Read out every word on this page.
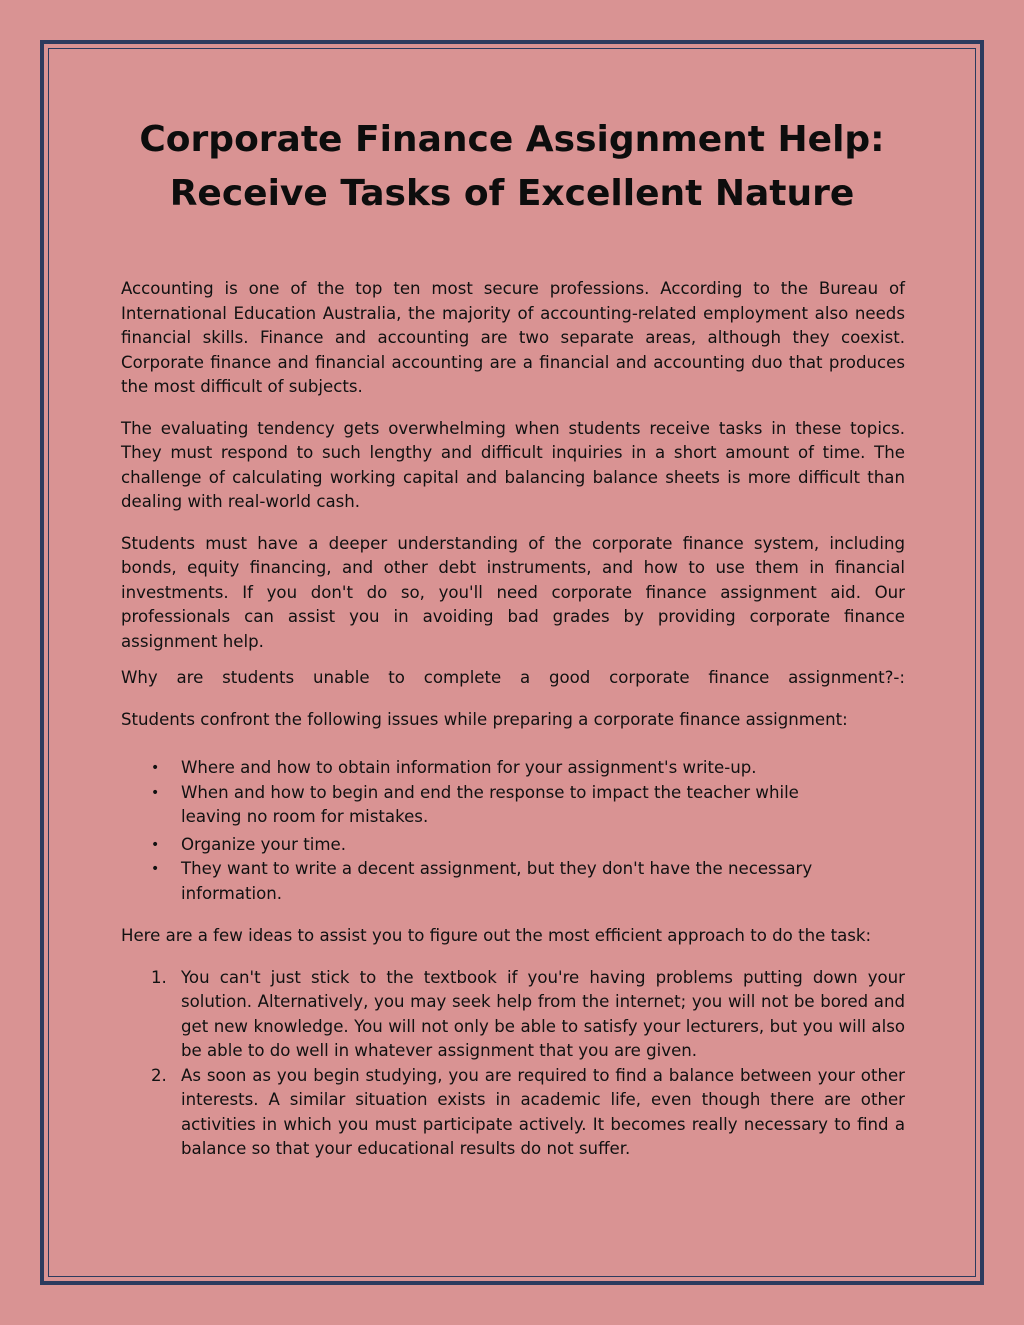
Corporate Finance Assignment Help:
Receive Tasks of Excellent Nature

Accounting is one of the top ten most secure professions. According to the Bureau of International Education Australia, the majority of accounting-related employment also needs financial skills. Finance and accounting are two separate areas, although they coexist. Corporate finance and financial accounting are a financial and accounting duo that produces the most difficult of subjects.

The evaluating tendency gets overwhelming when students receive tasks in these topics. They must respond to such lengthy and difficult inquiries in a short amount of time. The challenge of calculating working capital and balancing balance sheets is more difficult than dealing with real-world cash.

Students must have a deeper understanding of the corporate finance system, including bonds, equity financing, and other debt instruments, and how to use them in financial investments. If you don't do so, you'll need corporate finance assignment aid. Our professionals can assist you in avoiding bad grades by providing corporate finance assignment help.

Why are students unable to complete a good corporate finance assignment?-:

Students confront the following issues while preparing a corporate finance assignment:

• Where and how to obtain information for your assignment's write-up.
• When and how to begin and end the response to impact the teacher while leaving no room for mistakes.
• Organize your time.
• They want to write a decent assignment, but they don't have the necessary information.

Here are a few ideas to assist you to figure out the most efficient approach to do the task:

1. You can't just stick to the textbook if you're having problems putting down your solution. Alternatively, you may seek help from the internet; you will not be bored and get new knowledge. You will not only be able to satisfy your lecturers, but you will also be able to do well in whatever assignment that you are given.
2. As soon as you begin studying, you are required to find a balance between your other interests. A similar situation exists in academic life, even though there are other activities in which you must participate actively. It becomes really necessary to find a balance so that your educational results do not suffer.
